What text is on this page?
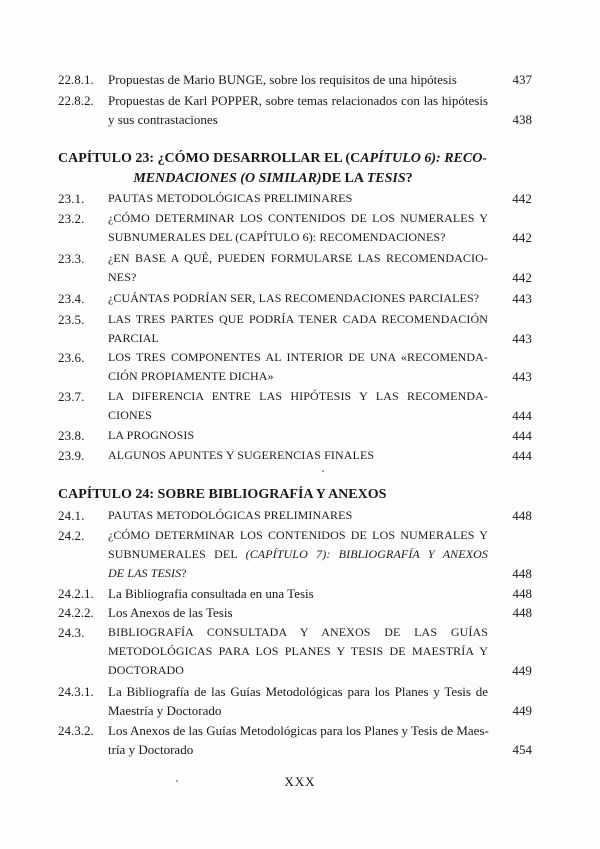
22.8.1.	Propuestas de Mario BUNGE, sobre los requisitos de una hipótesis	437
22.8.2.	Propuestas de Karl POPPER, sobre temas relacionados con las hipótesis
y sus contrastaciones	438
CAPÍTULO 23: ¿CÓMO DESARROLLAR EL (CAPÍTULO 6): RECO-
MENDACIONES (O SIMILAR)DE LA TESIS?
23.1.	PAUTAS METODOLÓGICAS PRELIMINARES	442
23.2.	¿CÓMO DETERMINAR LOS CONTENIDOS DE LOS NUMERALES Y
SUBNUMERALES DEL (CAPÍTULO 6): RECOMENDACIONES?	442
23.3.	¿EN BASE A QUÉ, PUEDEN FORMULARSE LAS RECOMENDACIO-
NES?	442
23.4.	¿CUÁNTAS PODRÍAN SER, LAS RECOMENDACIONES PARCIALES?	443
23.5.	LAS TRES PARTES QUE PODRÍA TENER CADA RECOMENDACIÓN
PARCIAL	443
23.6.	LOS TRES COMPONENTES AL INTERIOR DE UNA «RECOMENDA-
CIÓN PROPIAMENTE DICHA»	443
23.7.	LA DIFERENCIA ENTRE LAS HIPÓTESIS Y LAS RECOMENDA-
CIONES	444
23.8.	LA PROGNOSIS	444
23.9.	ALGUNOS APUNTES Y SUGERENCIAS FINALES	444
CAPÍTULO 24: SOBRE BIBLIOGRAFÍA Y ANEXOS
24.1.	PAUTAS METODOLÓGICAS PRELIMINARES	448
24.2.	¿CÓMO DETERMINAR LOS CONTENIDOS DE LOS NUMERALES Y
SUBNUMERALES DEL (CAPÍTULO 7): BIBLIOGRAFÍA Y ANEXOS
DE LAS TESIS?	448
24.2.1.	La Bibliografía consultada en una Tesis	448
24.2.2.	Los Anexos de las Tesis	448
24.3.	BIBLIOGRAFÍA CONSULTADA Y ANEXOS DE LAS GUÍAS
METODOLÓGICAS PARA LOS PLANES Y TESIS DE MAESTRÍA Y
DOCTORADO	449
24.3.1.	La Bibliografía de las Guías Metodológicas para los Planes y Tesis de
Maestría y Doctorado	449
24.3.2.	Los Anexos de las Guías Metodológicas para los Planes y Tesis de Maes-
tría y Doctorado	454
XXX
